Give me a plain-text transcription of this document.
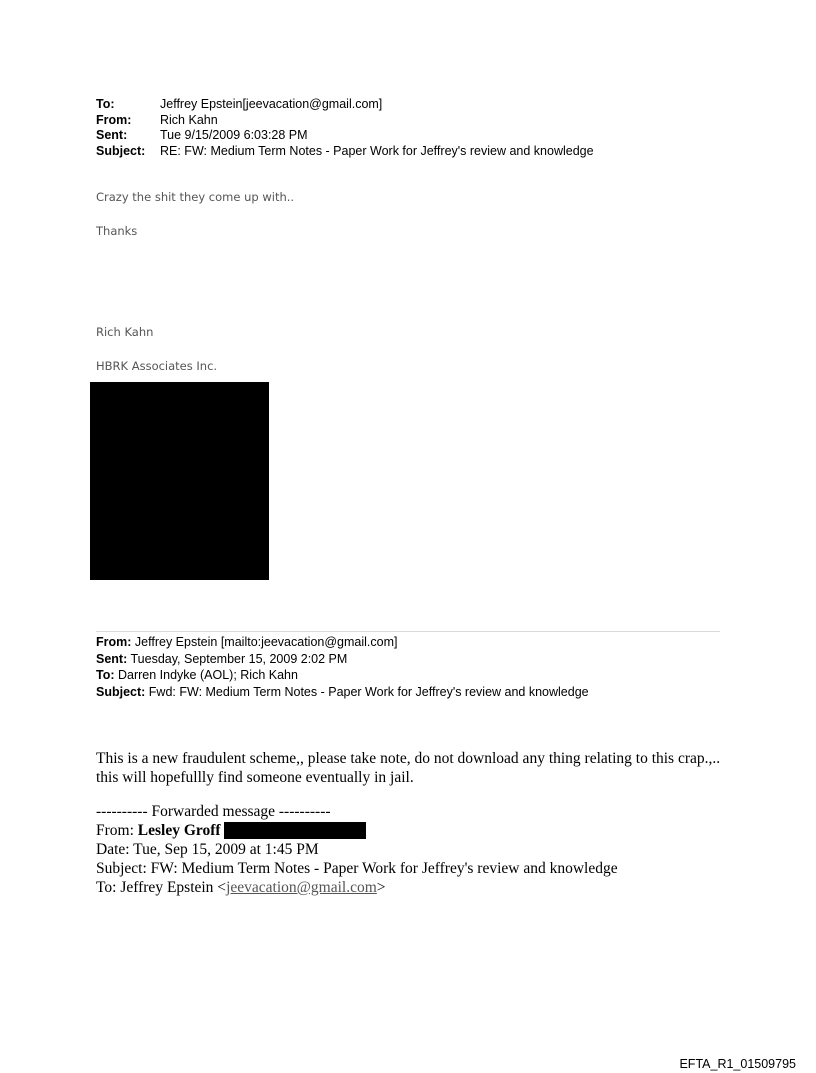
To:	Jeffrey Epstein[jeevacation@gmail.com]
From:	Rich Kahn
Sent:	Tue 9/15/2009 6:03:28 PM
Subject:	RE: FW: Medium Term Notes - Paper Work for Jeffrey's review and knowledge
Crazy the shit they come up with..
Thanks
Rich Kahn
HBRK Associates Inc.
From: Jeffrey Epstein [mailto:jeevacation@gmail.com]
Sent: Tuesday, September 15, 2009 2:02 PM
To: Darren Indyke (AOL); Rich Kahn
Subject: Fwd: FW: Medium Term Notes - Paper Work for Jeffrey's review and knowledge
This is a new fraudulent scheme,, please take note, do not download any thing relating to this crap.,.. this will hopefullly find someone eventually in jail.
---------- Forwarded message ----------
From:
Lesley Groff

Date: Tue, Sep 15, 2009 at 1:45 PM
Subject: FW: Medium Term Notes - Paper Work for Jeffrey's review and knowledge
To: Jeffrey Epstein <jeevacation@gmail.com>
EFTA_R1_01509795
